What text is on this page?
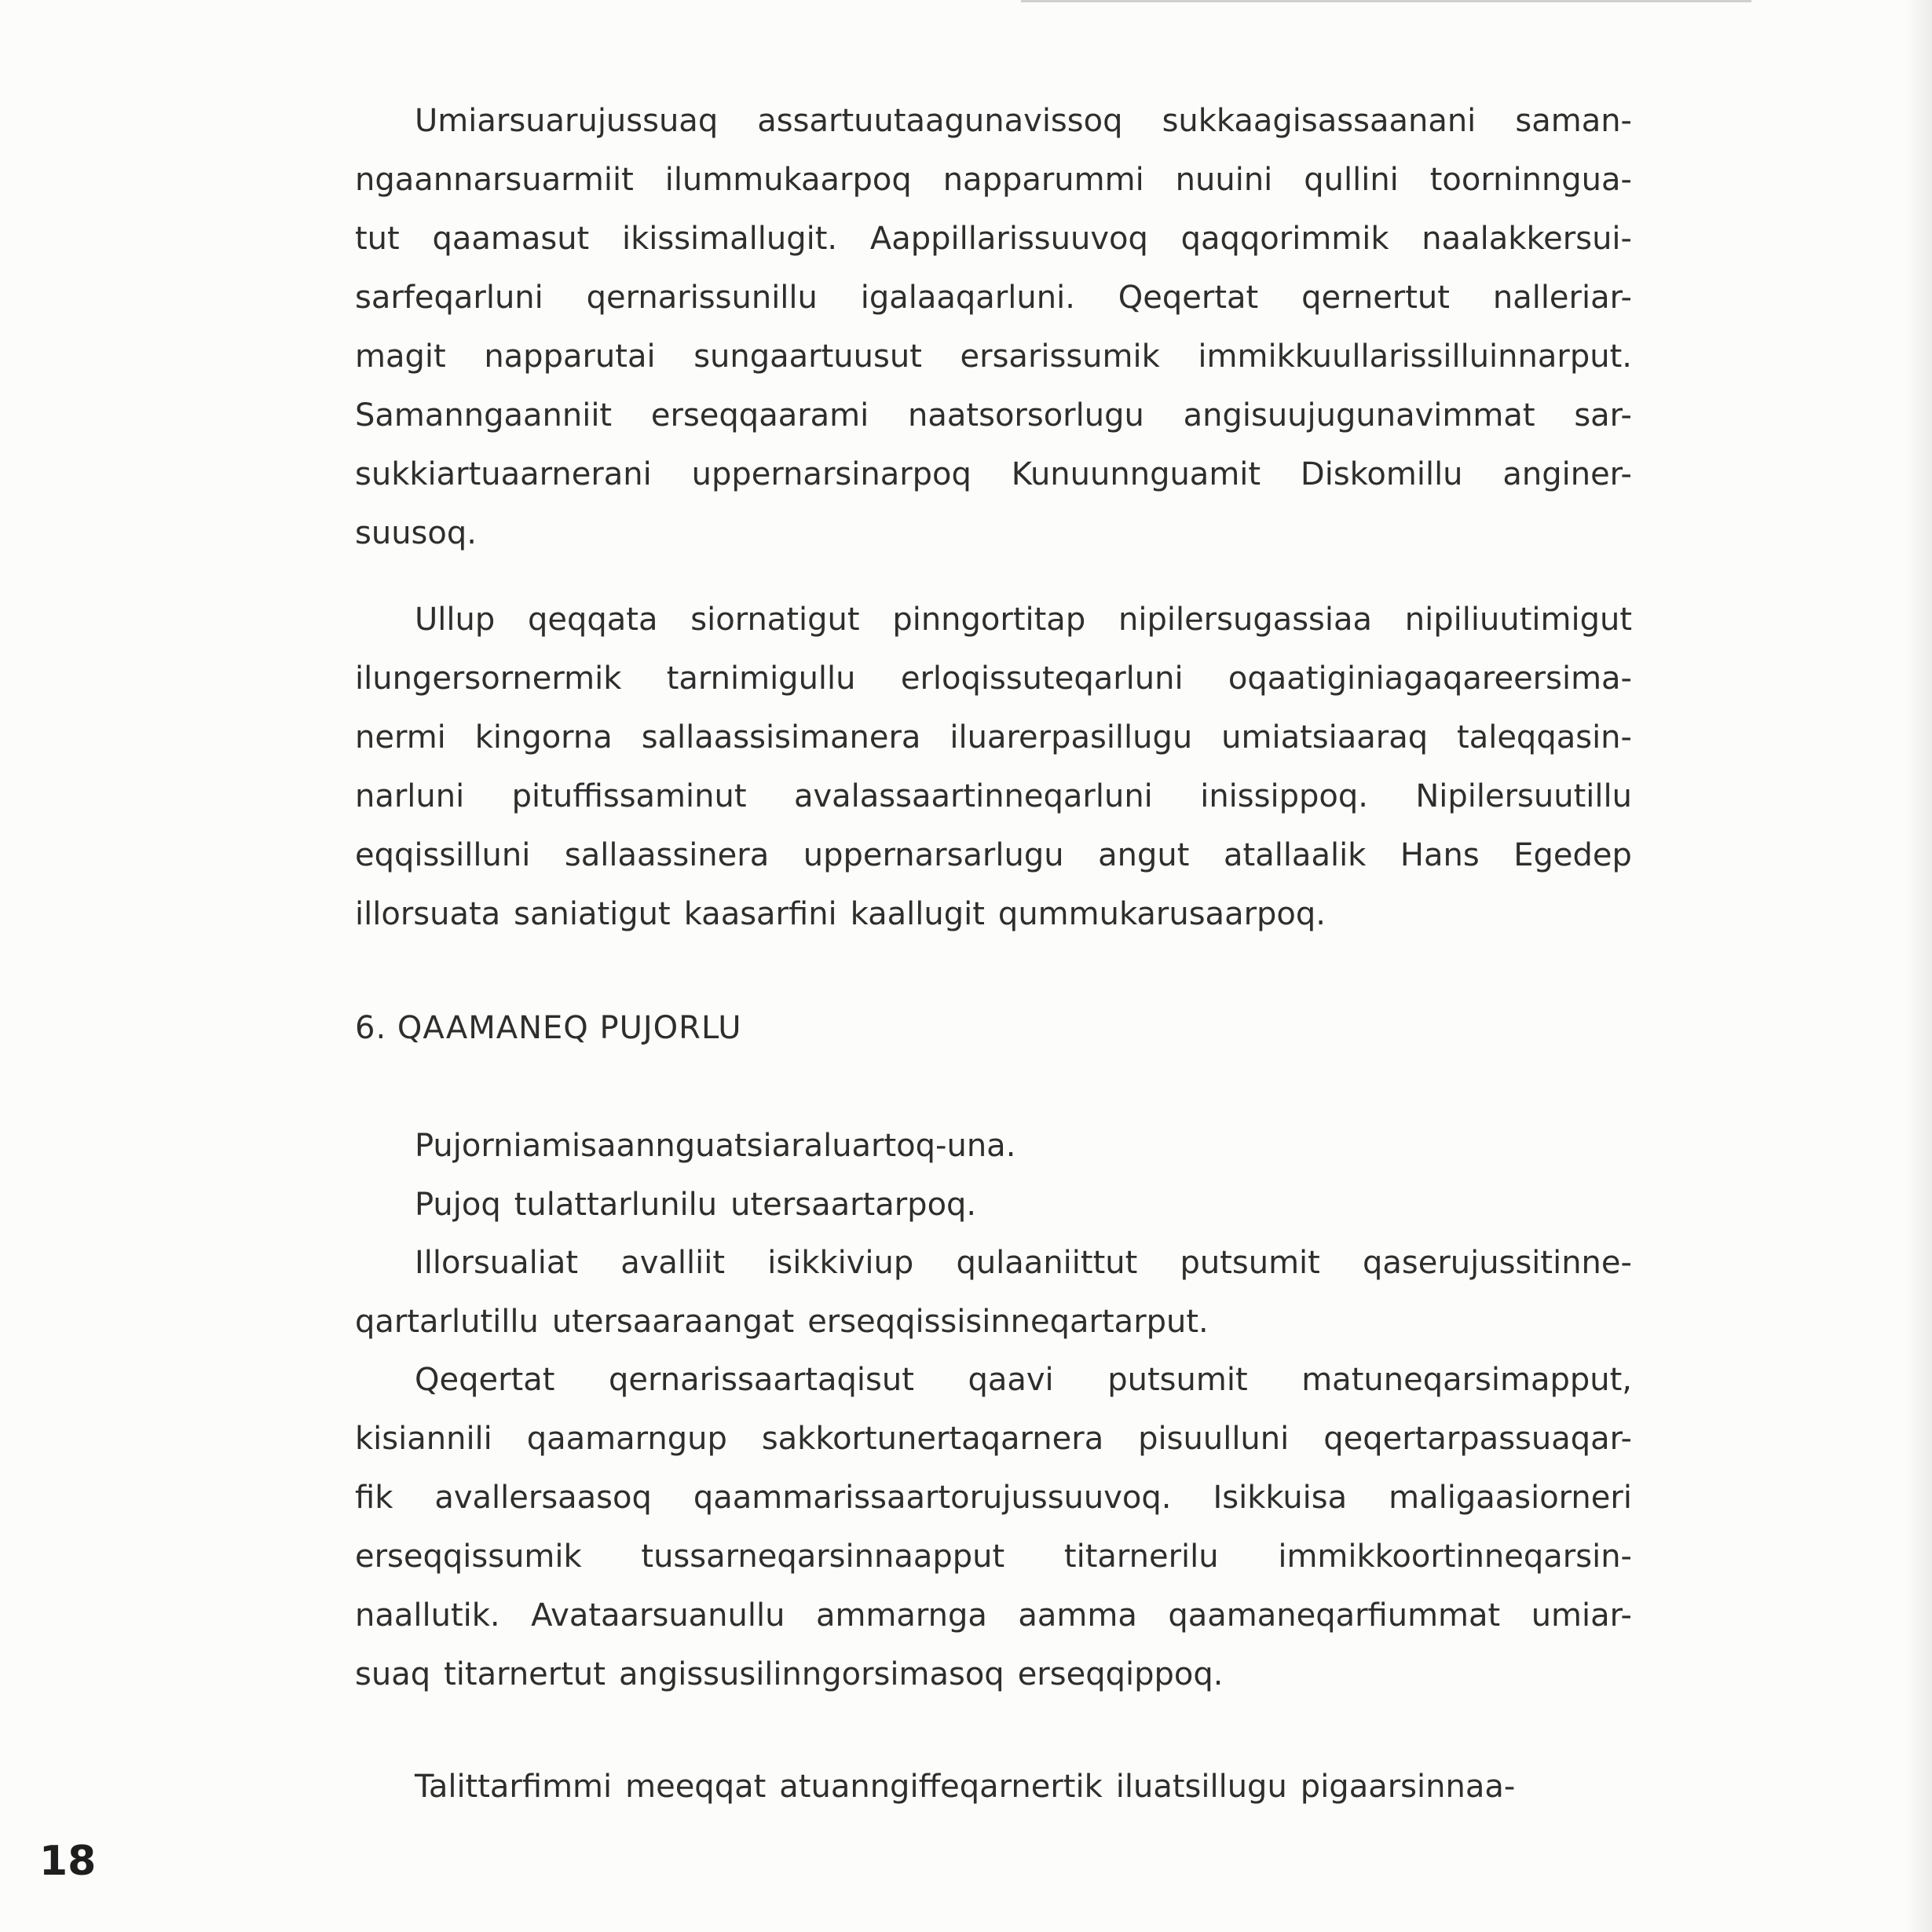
Umiarsuarujussuaq assartuutaagunavissoq sukkaagisassaanani saman-
ngaannarsuarmiit ilummukaarpoq napparummi nuuini qullini toorninngua-
tut qaamasut ikissimallugit. Aappillarissuuvoq qaqqorimmik naalakkersui-
sarfeqarluni qernarissunillu igalaaqarluni. Qeqertat qernertut nalleriar-
magit napparutai sungaartuusut ersarissumik immikkuullarissilluinnarput.
Samanngaanniit erseqqaarami naatsorsorlugu angisuujugunavimmat sar-
sukkiartuaarnerani uppernarsinarpoq Kunuunnguamit Diskomillu anginer-
suusoq.
Ullup qeqqata siornatigut pinngortitap nipilersugassiaa nipiliuutimigut
ilungersornermik tarnimigullu erloqissuteqarluni oqaatiginiagaqareersima-
nermi kingorna sallaassisimanera iluarerpasillugu umiatsiaaraq taleqqasin-
narluni pituffissaminut avalassaartinneqarluni inissippoq. Nipilersuutillu
eqqissilluni sallaassinera uppernarsarlugu angut atallaalik Hans Egedep
illorsuata saniatigut kaasarfini kaallugit qummukarusaarpoq.
Pujorniamisaannguatsiaraluartoq-una.
Pujoq tulattarlunilu utersaartarpoq.
Illorsualiat avalliit isikkiviup qulaaniittut putsumit qaserujussitinne-
qartarlutillu utersaaraangat erseqqissisinneqartarput.
Qeqertat qernarissaartaqisut qaavi putsumit matuneqarsimapput,
kisiannili qaamarngup sakkortunertaqarnera pisuulluni qeqertarpassuaqar-
fik avallersaasoq qaammarissaartorujussuuvoq. Isikkuisa maligaasiorneri
erseqqissumik tussarneqarsinnaapput titarnerilu immikkoortinneqarsin-
naallutik. Avataarsuanullu ammarnga aamma qaamaneqarfiummat umiar-
suaq titarnertut angissusilinngorsimasoq erseqqippoq.
Talittarfimmi meeqqat atuanngiffeqarnertik iluatsillugu pigaarsinnaa-
6. QAAMANEQ PUJORLU
18
